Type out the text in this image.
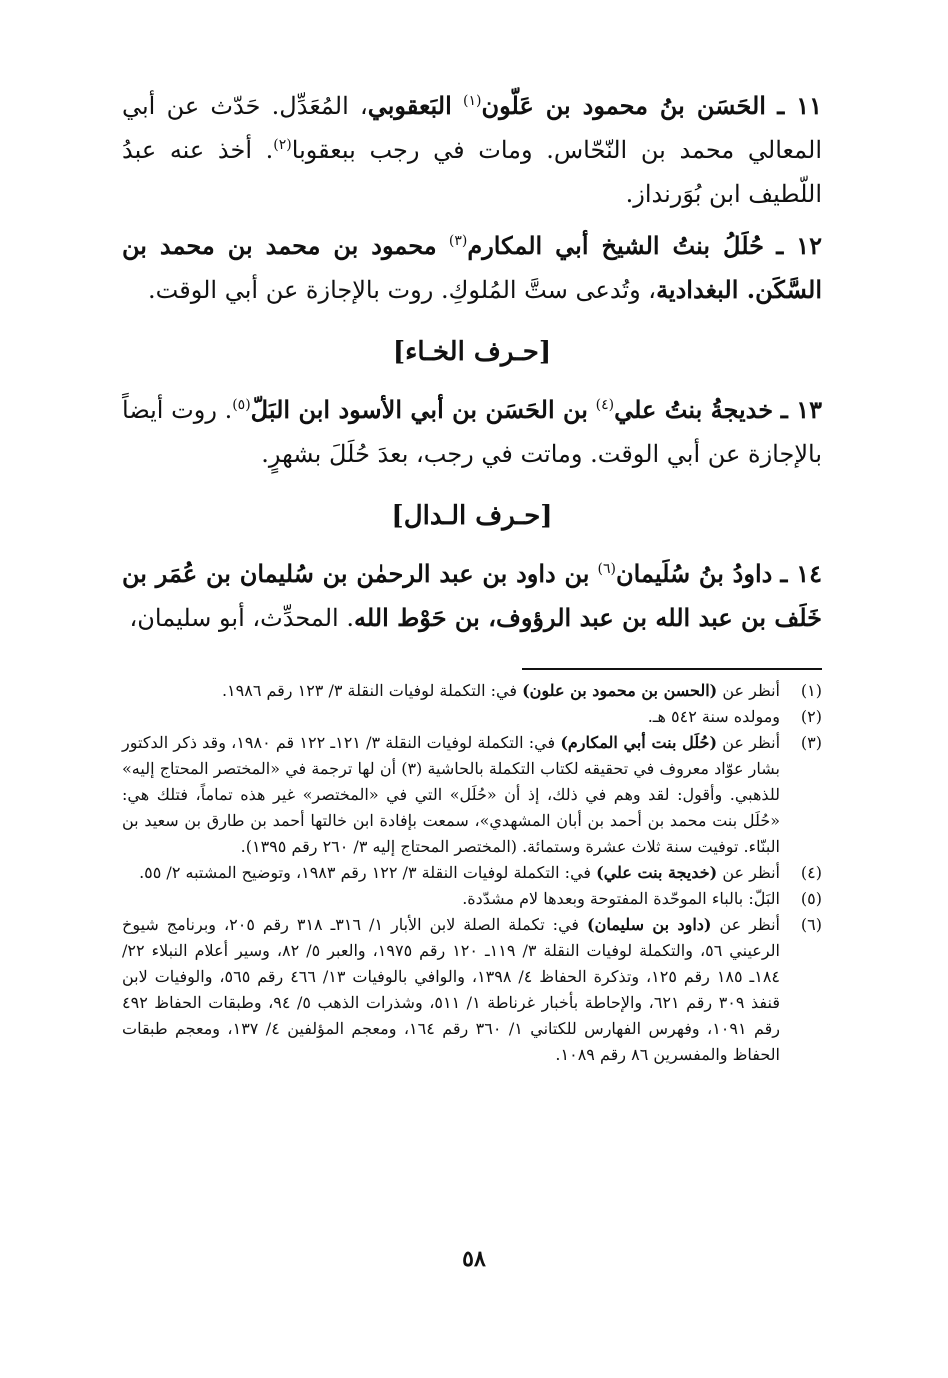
١١ ـ الحَسَن بنُ محمود بن عَلّون$^{(١)}$ البَعقوبي، المُعَدِّل. حَدّث عن أبي المعالي محمد بن النّحّاس. ومات في رجب ببعقوبا$^{(٢)}$. أخذ عنه عبدُ اللّطيف ابن بُوَرنداز.

١٢ ـ حُلَلُ بنتُ الشيخ أبي المكارم$^{(٣)}$ محمود بن محمد بن محمد بن السَّكَن. البغدادية، وتُدعى ستَّ المُلوكِ. روت بالإجازة عن أبي الوقت.

[حـرف الخـاء]

١٣ ـ خديجةُ بنتُ علي$^{(٤)}$ بن الحَسَن بن أبي الأسود ابن البَلّ$^{(٥)}$. روت أيضاً بالإجازة عن أبي الوقت. وماتت في رجب، بعدَ حُلَلَ بشهرٍ.

[حـرف الـدال]

١٤ ـ داودُ بنُ سُلَيمان$^{(٦)}$ بن داود بن عبد الرحمٰن بن سُليمان بن عُمَر بن خَلَف بن عبد الله بن عبد الرؤوف، بن حَوْط الله. المحدِّث، أبو سليمان،

(١)
أنظر عن (الحسن بن محمود بن علون) في: التكملة لوفيات النقلة ٣/ ١٢٣ رقم ١٩٨٦.
(٢)
ومولده سنة ٥٤٢ هـ.
(٣)
أنظر عن (حُلَل بنت أبي المكارم) في: التكملة لوفيات النقلة ٣/ ١٢١ـ ١٢٢ قم ١٩٨٠، وقد ذكر الدكتور بشار عوّاد معروف في تحقيقه لكتاب التكملة بالحاشية (٣) أن لها ترجمة في «المختصر المحتاج إليه» للذهبي. وأقول: لقد وهم في ذلك، إذ أن «حُلَل» التي في «المختصر» غير هذه تماماً، فتلك هي: «حُلَل بنت محمد بن أحمد بن أبان المشهدي»، سمعت بإفادة ابن خالتها أحمد بن طارق بن سعيد بن البنّاء. توفيت سنة ثلاث عشرة وستمائة. (المختصر المحتاج إليه ٣/ ٢٦٠ رقم ١٣٩٥).
(٤)
أنظر عن (خديجة بنت علي) في: التكملة لوفيات النقلة ٣/ ١٢٢ رقم ١٩٨٣، وتوضيح المشتبه ٢/ ٥٥.
(٥)
البَلّ: بالباء الموحّدة المفتوحة وبعدها لام مشدّدة.
(٦)
أنظر عن (داود بن سليمان) في: تكملة الصلة لابن الأبار ١/ ٣١٦ـ ٣١٨ رقم ٢٠٥، وبرنامج شيوخ الرعيني ٥٦، والتكملة لوفيات النقلة ٣/ ١١٩ـ ١٢٠ رقم ١٩٧٥، والعبر ٥/ ٨٢، وسير أعلام النبلاء ٢٢/ ١٨٤ـ ١٨٥ رقم ١٢٥، وتذكرة الحفاظ ٤/ ١٣٩٨، والوافي بالوفيات ١٣/ ٤٦٦ رقم ٥٦٥، والوفيات لابن قنفذ ٣٠٩ رقم ٦٢١، والإحاطة بأخبار غرناطة ١/ ٥١١، وشذرات الذهب ٥/ ٩٤، وطبقات الحفاظ ٤٩٢ رقم ١٠٩١، وفهرس الفهارس للكتاني ١/ ٣٦٠ رقم ١٦٤، ومعجم المؤلفين ٤/ ١٣٧، ومعجم طبقات الحفاظ والمفسرين ٨٦ رقم ١٠٨٩.
٥٨
